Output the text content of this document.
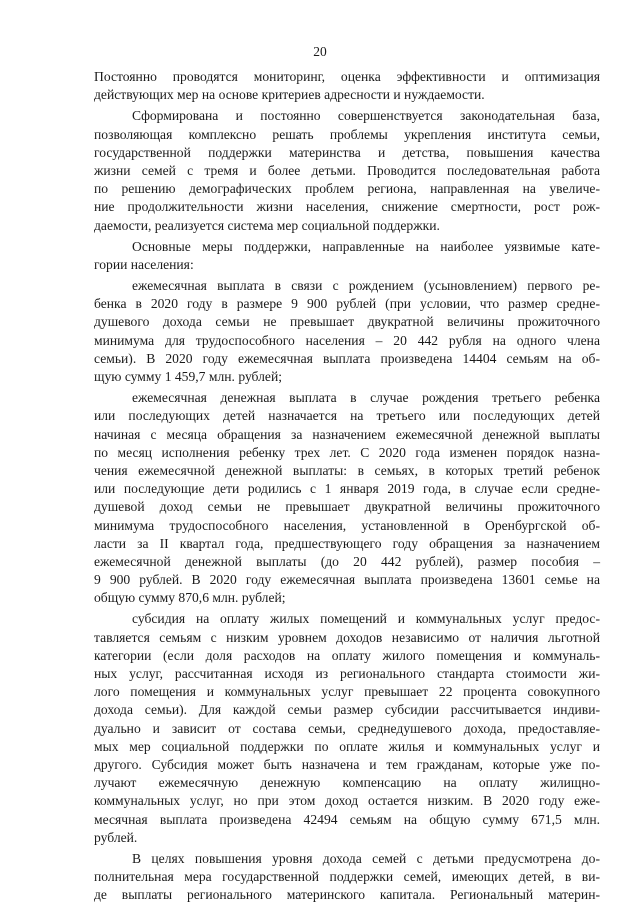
20
Постоянно проводятся мониторинг, оценка эффективности и оптимизация
действующих мер на основе критериев адресности и нуждаемости.
Сформирована и постоянно совершенствуется законодательная база,
позволяющая комплексно решать проблемы укрепления института семьи,
государственной поддержки материнства и детства, повышения качества
жизни семей с тремя и более детьми. Проводится последовательная работа
по решению демографических проблем региона, направленная на увеличе-
ние продолжительности жизни населения, снижение смертности, рост рож-
даемости, реализуется система мер социальной поддержки.
Основные меры поддержки, направленные на наиболее уязвимые кате-
гории населения:
ежемесячная выплата в связи с рождением (усыновлением) первого ре-
бенка в 2020 году в размере 9 900 рублей (при условии, что размер средне-
душевого дохода семьи не превышает двукратной величины прожиточного
минимума для трудоспособного населения – 20 442 рубля на одного члена
семьи). В 2020 году ежемесячная выплата произведена 14404 семьям на об-
щую сумму 1 459,7 млн. рублей;
ежемесячная денежная выплата в случае рождения третьего ребенка
или последующих детей назначается на третьего или последующих детей
начиная с месяца обращения за назначением ежемесячной денежной выплаты
по месяц исполнения ребенку трех лет. С 2020 года изменен порядок назна-
чения ежемесячной денежной выплаты: в семьях, в которых третий ребенок
или последующие дети родились с 1 января 2019 года, в случае если средне-
душевой доход семьи не превышает двукратной величины прожиточного
минимума трудоспособного населения, установленной в Оренбургской об-
ласти за II квартал года, предшествующего году обращения за назначением
ежемесячной денежной выплаты (до 20 442 рублей), размер пособия –
9 900 рублей. В 2020 году ежемесячная выплата произведена 13601 семье на
общую сумму 870,6 млн. рублей;
субсидия на оплату жилых помещений и коммунальных услуг предос-
тавляется семьям с низким уровнем доходов независимо от наличия льготной
категории (если доля расходов на оплату жилого помещения и коммуналь-
ных услуг, рассчитанная исходя из регионального стандарта стоимости жи-
лого помещения и коммунальных услуг превышает 22 процента совокупного
дохода семьи). Для каждой семьи размер субсидии рассчитывается индиви-
дуально и зависит от состава семьи, среднедушевого дохода, предоставляе-
мых мер социальной поддержки по оплате жилья и коммунальных услуг и
другого. Субсидия может быть назначена и тем гражданам, которые уже по-
лучают ежемесячную денежную компенсацию на оплату жилищно-
коммунальных услуг, но при этом доход остается низким. В 2020 году еже-
месячная выплата произведена 42494 семьям на общую сумму 671,5 млн.
рублей.
В целях повышения уровня дохода семей с детьми предусмотрена до-
полнительная мера государственной поддержки семей, имеющих детей, в ви-
де выплаты регионального материнского капитала. Региональный материн-
